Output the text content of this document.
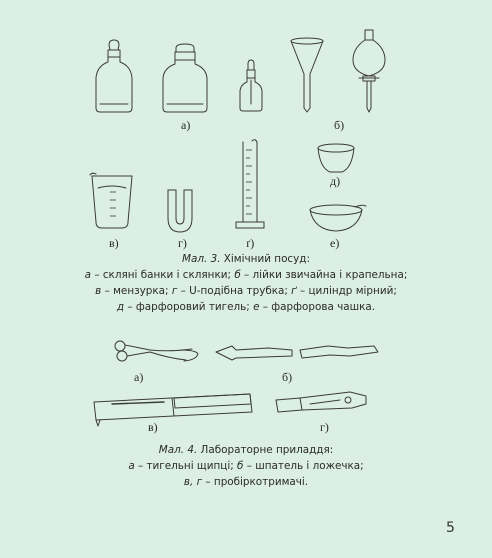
а)	б)
д)
в)	г)	ґ)	е)
Мал. 3. Хімічний посуд:
а – скляні банки і склянки; б – лійки звичайна і крапельна;
в – мензурка; г – U-подібна трубка; ґ – циліндр мірний;
д – фарфоровий тигель; е – фарфорова чашка.
а)	б)
в)	г)
Мал. 4. Лабораторне приладдя:
а – тигельні щипці; б – шпатель і ложечка;
в, г – пробіркотримачі.
5
